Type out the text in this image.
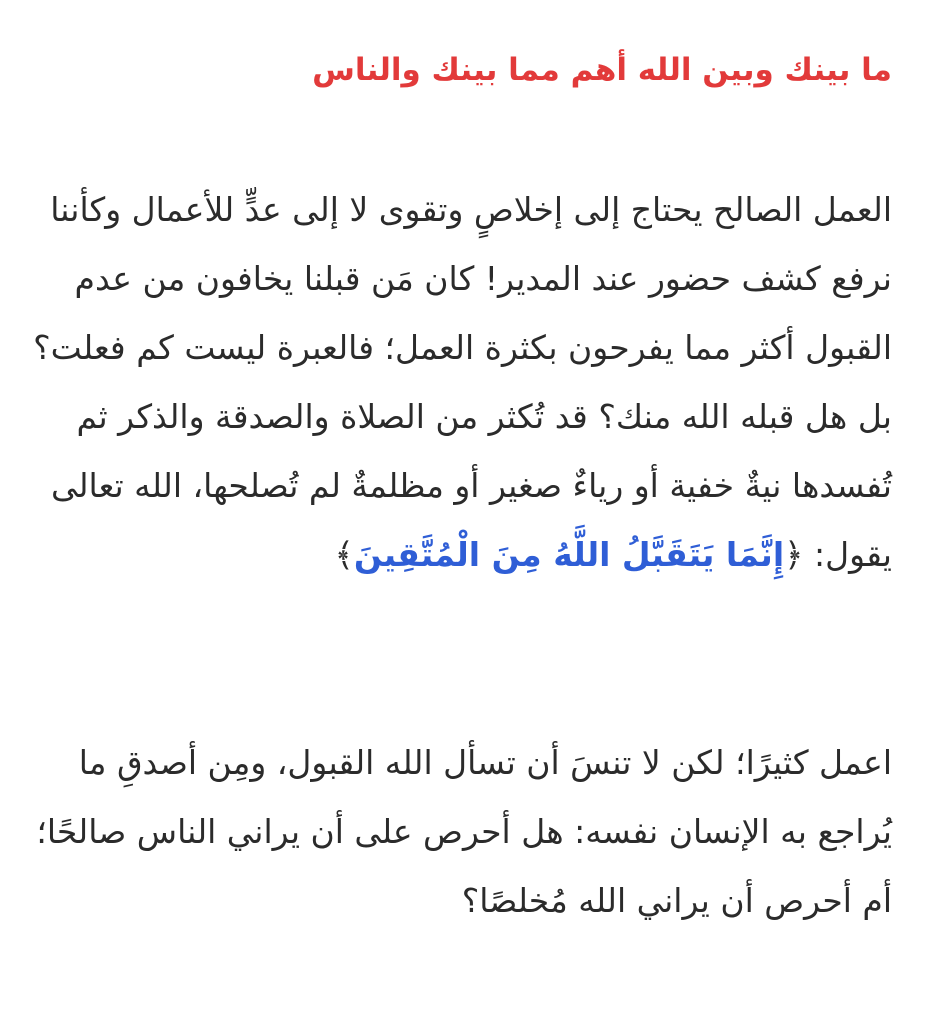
ما بينك وبين الله أهم مما بينك والناس

العمل الصالح يحتاج إلى إخلاصٍ وتقوى لا إلى عدٍّ للأعمال وكأننا نرفع كشف حضور عند المدير! كان مَن قبلنا يخافون من عدم القبول أكثر مما يفرحون بكثرة العمل؛ فالعبرة ليست كم فعلت؟ بل هل قبله الله منك؟ قد تُكثر من الصلاة والصدقة والذكر ثم تُفسدها نيةٌ خفية أو رياءٌ صغير أو مظلمةٌ لم تُصلحها، الله تعالى يقول: ﴿إِنَّمَا يَتَقَبَّلُ اللَّهُ مِنَ الْمُتَّقِينَ﴾

اعمل كثيرًا؛ لكن لا تنسَ أن تسأل الله القبول، ومِن أصدقِ ما يُراجع به الإنسان نفسه: هل أحرص على أن يراني الناس صالحًا؛ أم أحرص أن يراني الله مُخلصًا؟
